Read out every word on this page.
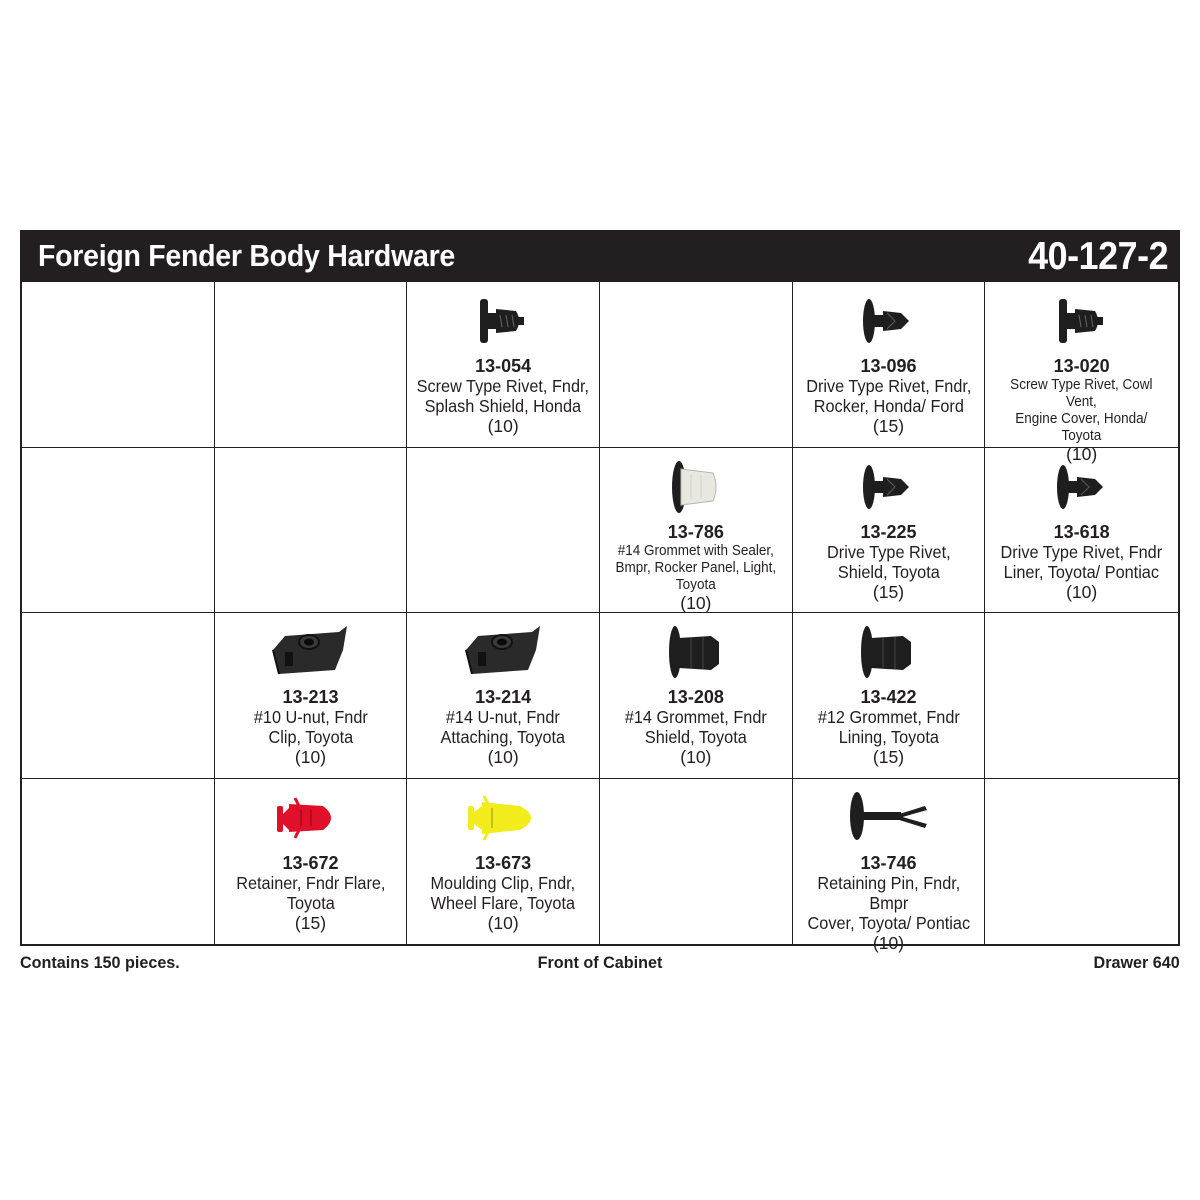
Foreign Fender Body Hardware	40-127-2
13-054
Screw Type Rivet, Fndr,
Splash Shield, Honda
(10)
13-096
Drive Type Rivet, Fndr,
Rocker, Honda/ Ford
(15)
13-020
Screw Type Rivet, Cowl Vent,
Engine Cover, Honda/ Toyota
(10)
13-786
#14 Grommet with Sealer,
Bmpr, Rocker Panel, Light,
Toyota
(10)
13-225
Drive Type Rivet,
Shield, Toyota
(15)
13-618
Drive Type Rivet, Fndr
Liner, Toyota/ Pontiac
(10)
13-213
#10 U-nut, Fndr
Clip, Toyota
(10)
13-214
#14 U-nut, Fndr
Attaching, Toyota
(10)
13-208
#14 Grommet, Fndr
Shield, Toyota
(10)
13-422
#12 Grommet, Fndr
Lining, Toyota
(15)
13-672
Retainer, Fndr Flare,
Toyota
(15)
13-673
Moulding Clip, Fndr,
Wheel Flare, Toyota
(10)
13-746
Retaining Pin, Fndr, Bmpr
Cover, Toyota/ Pontiac
(10)
Contains 150 pieces.	Front of Cabinet	Drawer 640
